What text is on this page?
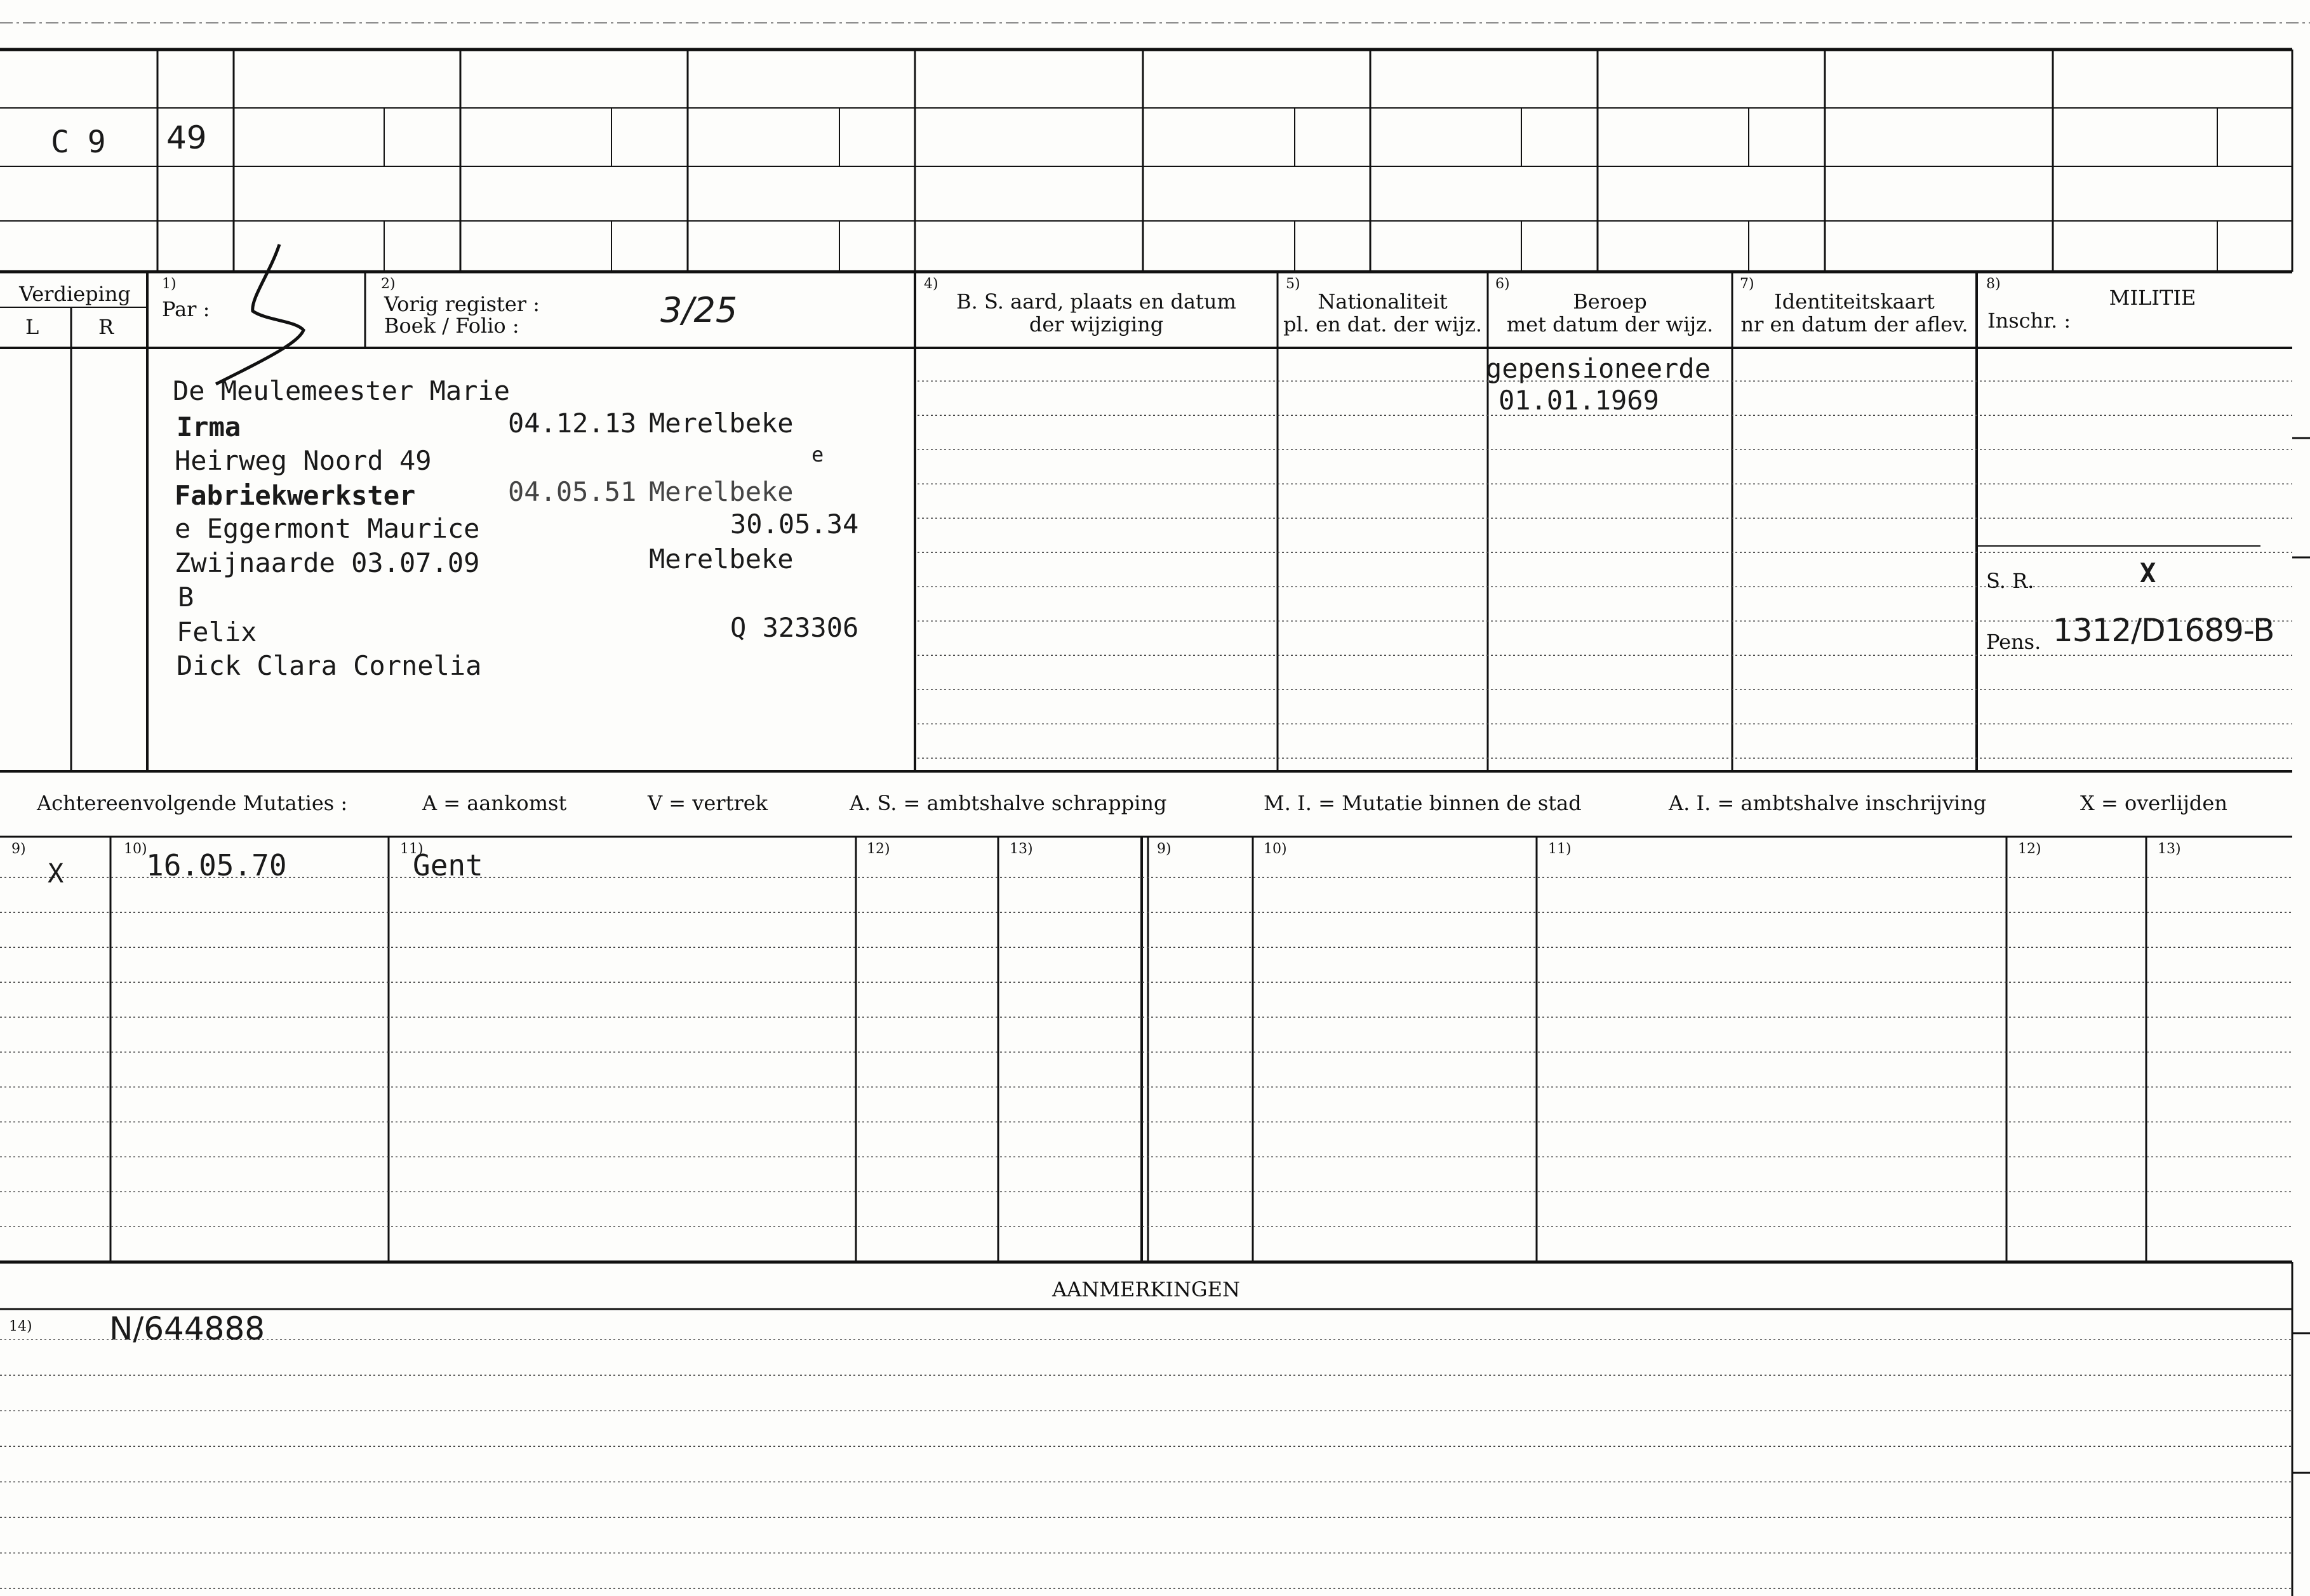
C 9 49
Verdieping
L	R
1)
Par :
2)
Vorig register :
Boek / Folio :	3/25
4)
B. S. aard, plaats en datum
der wijziging
5)
Nationaliteit
pl. en dat. der wijz.
6)
Beroep
met datum der wijz.
7)
Identiteitskaart
nr en datum der aflev.
8)
MILITIE
Inschr. :
De Meulemeester Marie
Irma	04.12.13 Merelbeke
Heirweg Noord 49	e
Fabriekwerkster	04.05.51 Merelbeke
e Eggermont Maurice	30.05.34
Zwijnaarde 03.07.09	Merelbeke
B
Felix	Q 323306
Dick Clara Cornelia
gepensioneerde
01.01.1969
S. R.	X
Pens. 1312/D1689-B
Achtereenvolgende Mutaties :	A = aankomst	V = vertrek	A. S. = ambtshalve schrapping	M. I. = Mutatie binnen de stad	A. I. = ambtshalve inschrijving	X = overlijden
9)	10)	11)	12)	13)	9)	10)	11)	12)	13)
X	16.05.70	Gent
AANMERKINGEN
14) N/644888
